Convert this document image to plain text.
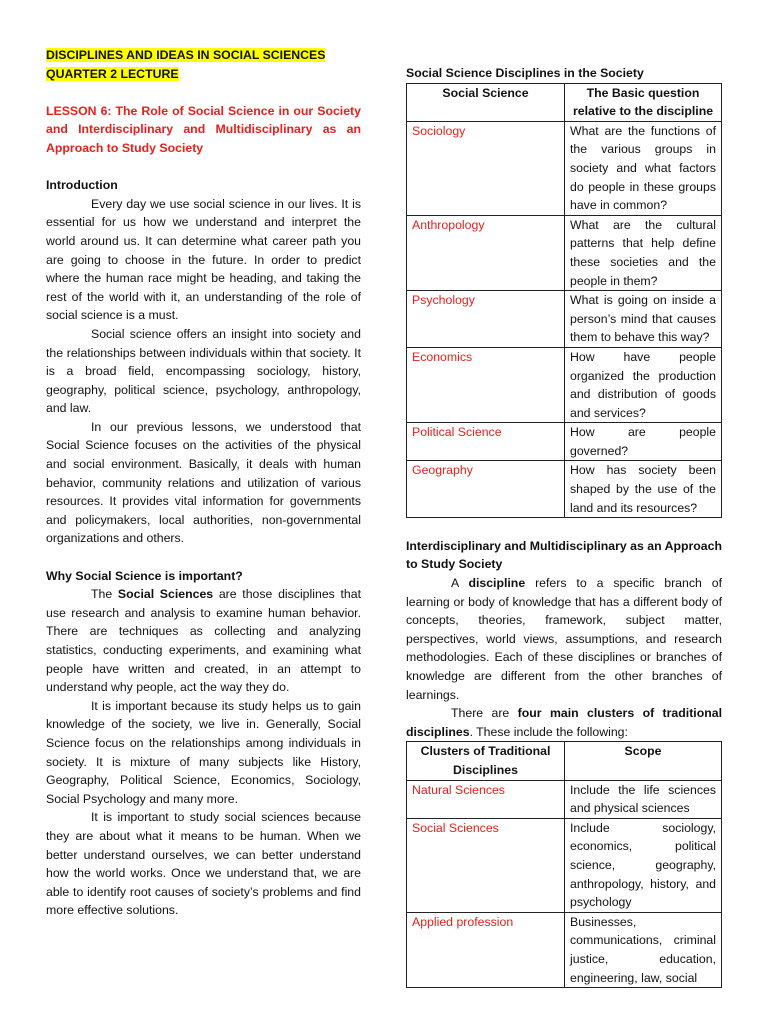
DISCIPLINES AND IDEAS IN SOCIAL SCIENCES

QUARTER 2 LECTURE

LESSON 6: The Role of Social Science in our Society and Interdisciplinary and Multidisciplinary as an Approach to Study Society

Introduction

Every day we use social science in our lives. It is essential for us how we understand and interpret the world around us. It can determine what career path you are going to choose in the future. In order to predict where the human race might be heading, and taking the rest of the world with it, an understanding of the role of social science is a must.

Social science offers an insight into society and the relationships between individuals within that society. It is a broad field, encompassing sociology, history, geography, political science, psychology, anthropology, and law.

In our previous lessons, we understood that Social Science focuses on the activities of the physical and social environment. Basically, it deals with human behavior, community relations and utilization of various resources. It provides vital information for governments and policymakers, local authorities, non-governmental organizations and others.

Why Social Science is important?

The Social Sciences are those disciplines that use research and analysis to examine human behavior. There are techniques as collecting and analyzing statistics, conducting experiments, and examining what people have written and created, in an attempt to understand why people, act the way they do.

It is important because its study helps us to gain knowledge of the society, we live in. Generally, Social Science focus on the relationships among individuals in society. It is mixture of many subjects like History, Geography, Political Science, Economics, Sociology, Social Psychology and many more.

It is important to study social sciences because they are about what it means to be human. When we better understand ourselves, we can better understand how the world works. Once we understand that, we are able to identify root causes of society’s problems and find more effective solutions.

Social Science Disciplines in the Society

Social Science	The Basic question relative to the discipline
Sociology	What are the functions of the various groups in society and what factors do people in these groups have in common?
Anthropology	What are the cultural patterns that help define these societies and the people in them?
Psychology	What is going on inside a person’s mind that causes them to behave this way?
Economics	How have people organized the production and distribution of goods and services?
Political Science	How are people governed?
Geography	How has society been shaped by the use of the land and its resources?

Interdisciplinary and Multidisciplinary as an Approach to Study Society

A discipline refers to a specific branch of learning or body of knowledge that has a different body of concepts, theories, framework, subject matter, perspectives, world views, assumptions, and research methodologies. Each of these disciplines or branches of knowledge are different from the other branches of learnings.

There are four main clusters of traditional disciplines. These include the following:

Clusters of Traditional Disciplines	Scope
Natural Sciences	Include the life sciences and physical sciences
Social Sciences	Include sociology, economics, political science, geography, anthropology, history, and psychology
Applied profession	Businesses, communications, criminal justice, education, engineering, law, social
